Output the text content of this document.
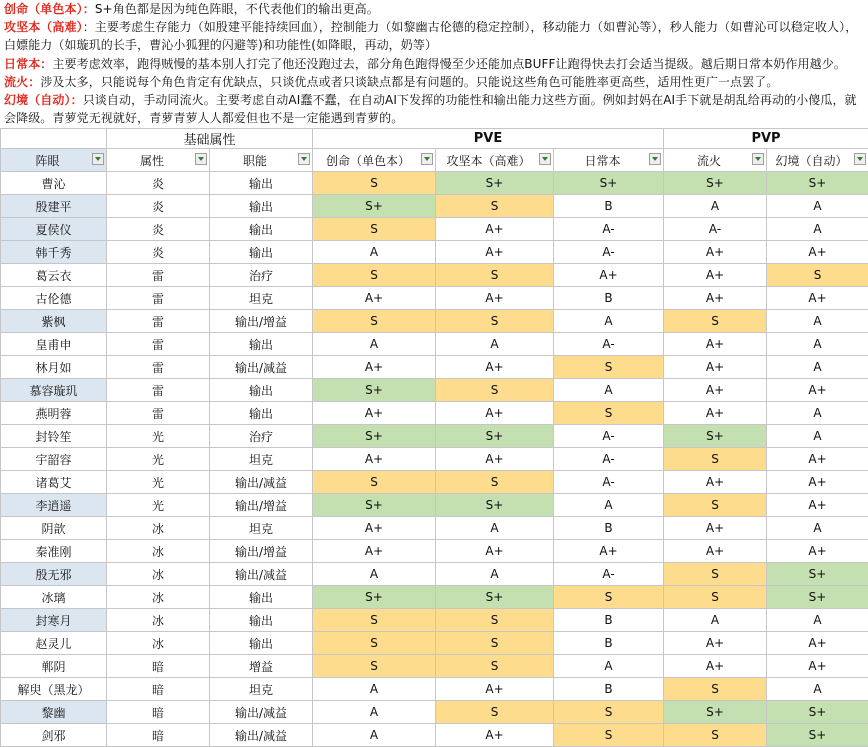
创命（单色本）：S+角色都是因为纯色阵眼，不代表他们的输出更高。

攻坚本（高难）：主要考虑生存能力（如殷建平能持续回血），控制能力（如黎幽古伦德的稳定控制），移动能力（如曹沁等），秒人能力（如曹沁可以稳定收人），白嫖能力（如璇玑的长手，曹沁小狐狸的闪避等)和功能性(如降眼，再动，奶等）

日常本：主要考虑效率，跑得贼慢的基本别人打完了他还没跑过去，部分角色跑得慢至少还能加点BUFF让跑得快去打会适当提级。越后期日常本奶作用越少。

流火：涉及太多，只能说每个角色肯定有优缺点，只谈优点或者只谈缺点都是有问题的。只能说这些角色可能胜率更高些，适用性更广一点罢了。

幻境（自动）：只谈自动，手动同流火。主要考虑自动AI蠢不蠢，在自动AI下发挥的功能性和输出能力这些方面。例如封妈在AI手下就是胡乱给再动的小傻瓜，就会降级。青萝党无视就好，青萝青萝人人都爱但也不是一定能遇到青萝的。

	基础属性		PVE			PVP	
阵眼	属性	职能	创命（单色本）	攻坚本（高难）	日常本	流火	幻境（自动）

曹沁	炎	输出	S	S+	S+	S+	S+
殷建平	炎	输出	S+	S	B	A	A
夏侯仪	炎	输出	S	A+	A-	A-	A
韩千秀	炎	输出	A	A+	A-	A+	A+
葛云衣	雷	治疗	S	S	A+	A+	S
古伦德	雷	坦克	A+	A+	B	A+	A+
紫枫	雷	输出/增益	S	S	A	S	A
皇甫申	雷	输出	A	A	A-	A+	A
林月如	雷	输出/减益	A+	A+	S	A+	A
慕容璇玑	雷	输出	S+	S	A	A+	A+
燕明蓉	雷	输出	A+	A+	S	A+	A
封铃笙	光	治疗	S+	S+	A-	S+	A
宇韶容	光	坦克	A+	A+	A-	S	A+
诸葛艾	光	输出/减益	S	S	A-	A+	A+
李逍遥	光	输出/增益	S+	S+	A	S	A+
阴歆	冰	坦克	A+	A	B	A+	A
秦准刚	冰	输出/增益	A+	A+	A+	A+	A+
殷无邪	冰	输出/减益	A	A	A-	S	S+
冰璃	冰	输出	S+	S+	S	S	S+
封寒月	冰	输出	S	S	B	A	A
赵灵儿	冰	输出	S	S	B	A+	A+
郸阴	暗	增益	S	S	A	A+	A+
解臾（黑龙）	暗	坦克	A	A+	B	S	A
黎幽	暗	输出/减益	A	S	S	S+	S+
剑邪	暗	输出/减益	A	A+	S	S	S+
